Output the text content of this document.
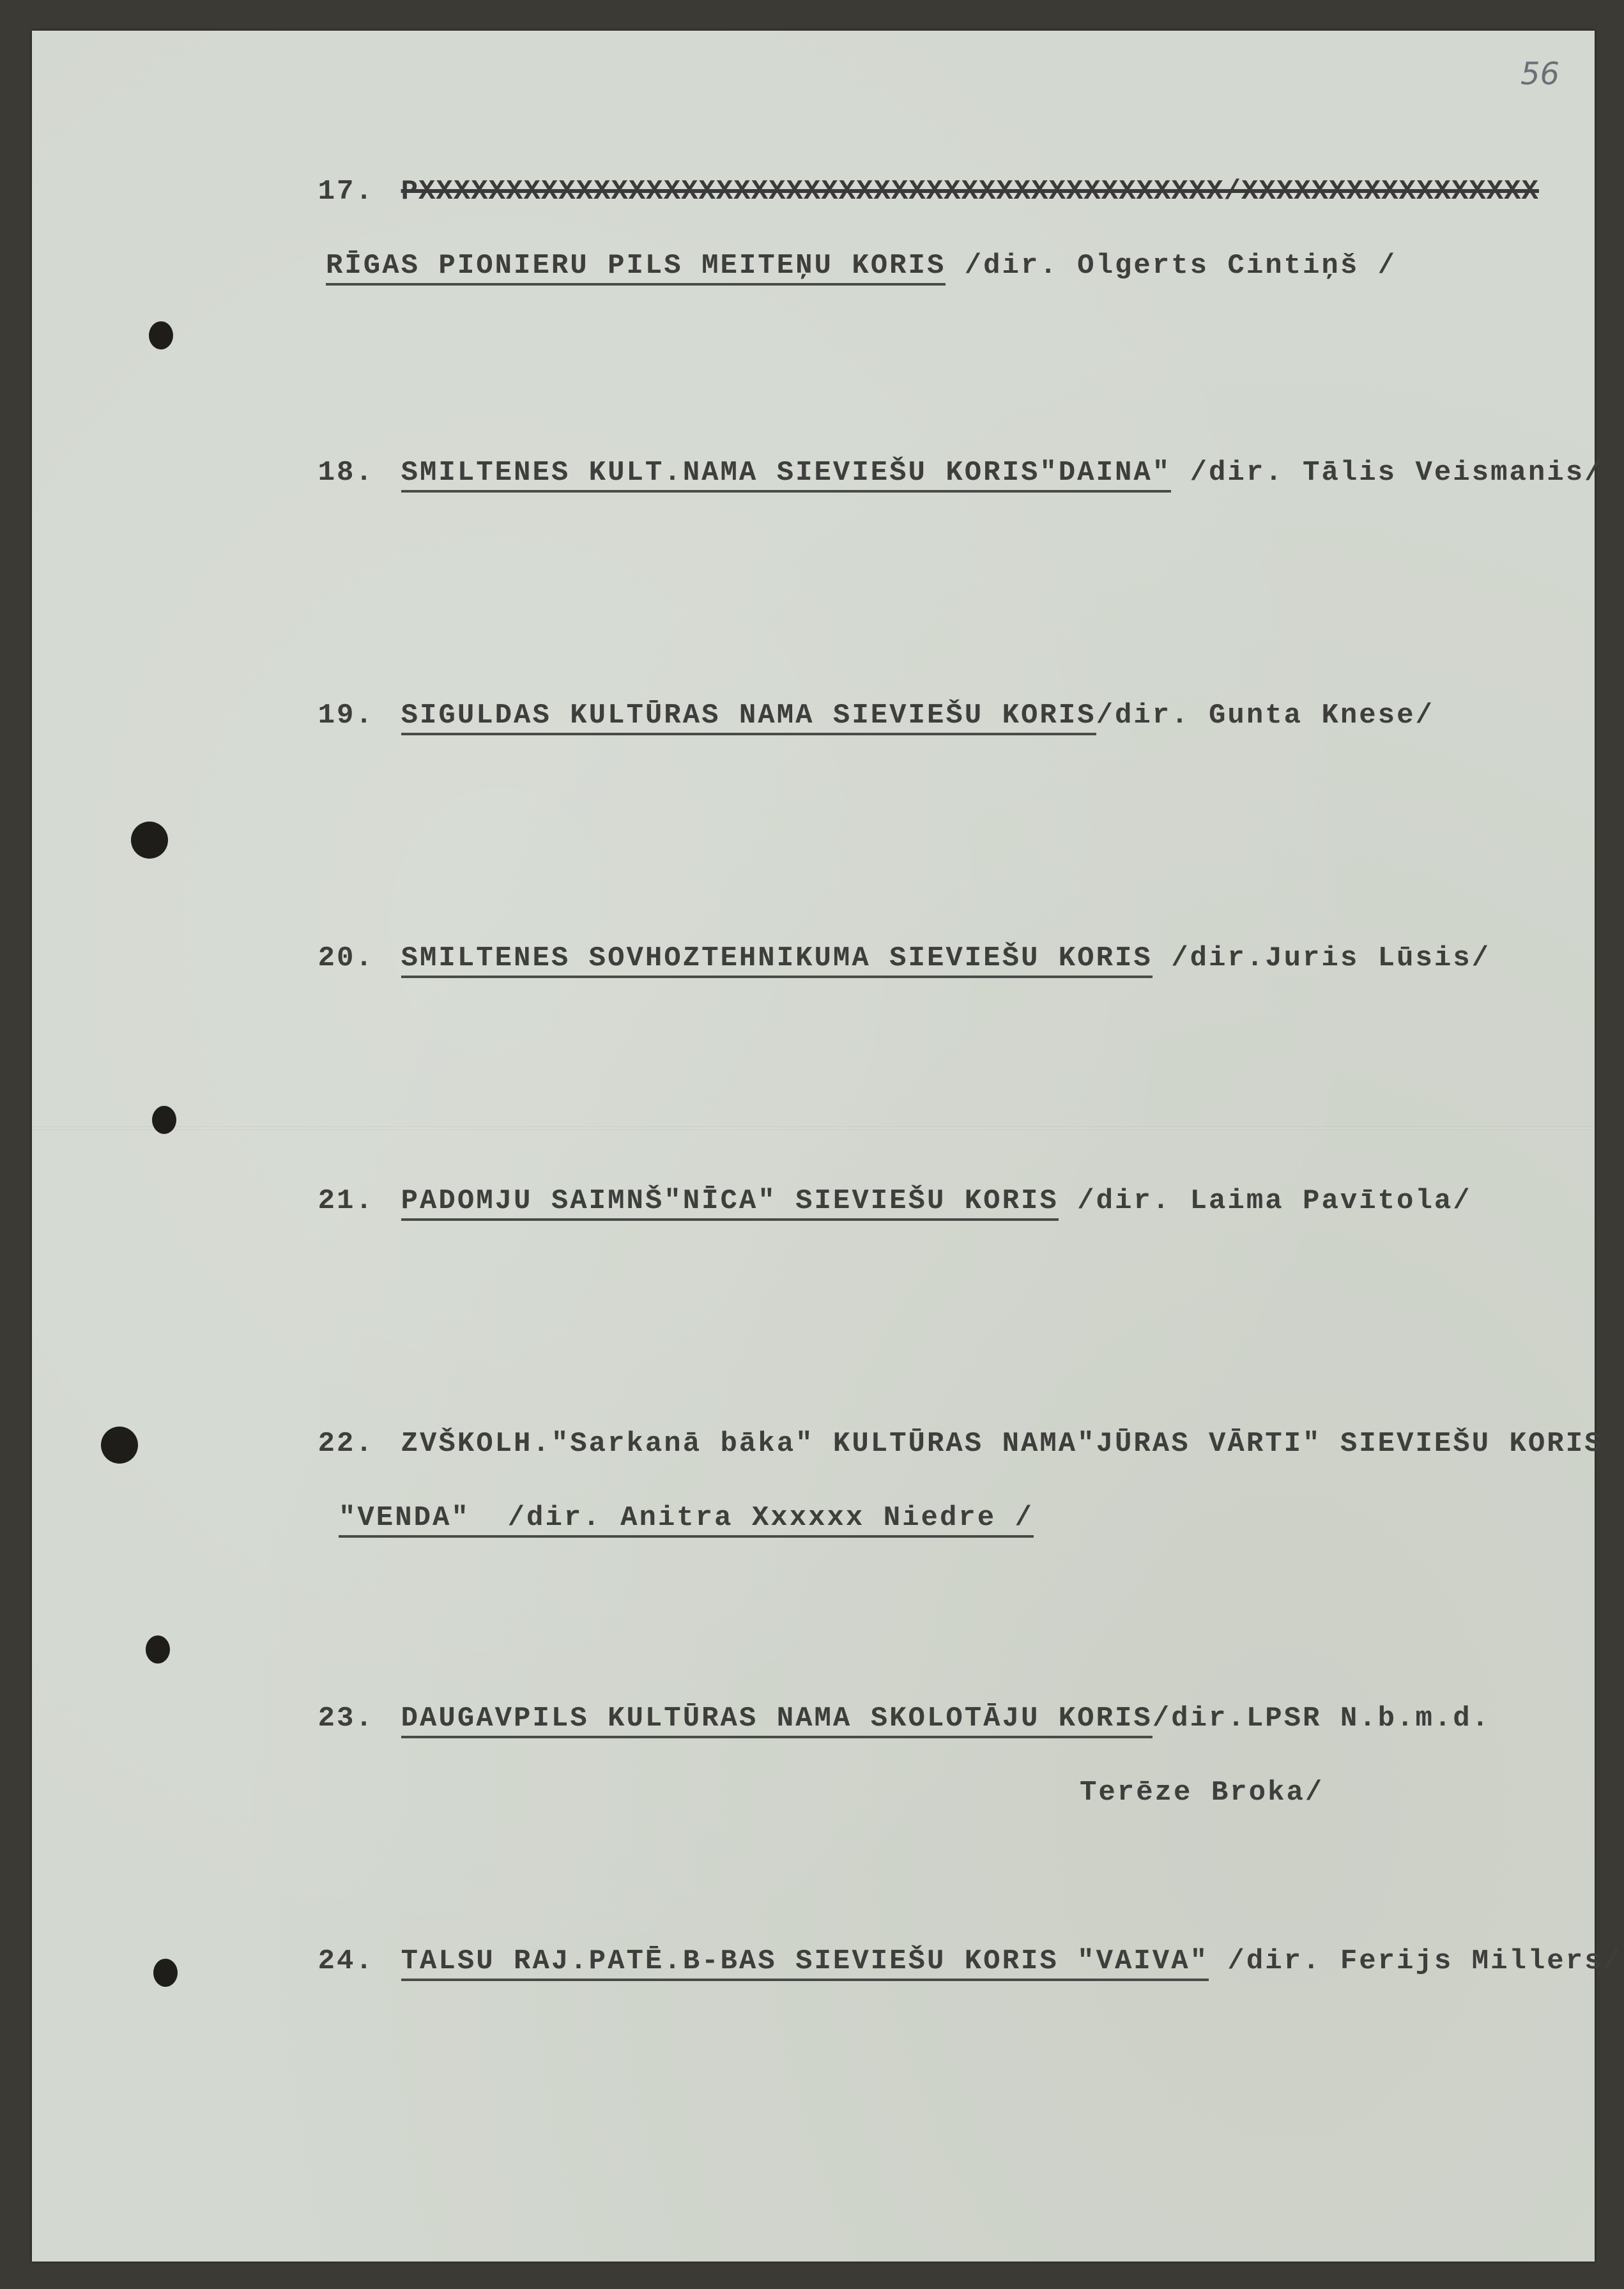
56

17. PXXXXXXXXXXXXXXXXXXXXXXXXXXXXXXXXXXXXXXXXXXXXXX/XXXXXXXXXXXXXXXXX

RĪGAS PIONIERU PILS MEITEŅU KORIS /dir. Olgerts Cintiņš /

18. SMILTENES KULT.NAMA SIEVIEŠU KORIS"DAINA" /dir. Tālis Veismanis/

19. SIGULDAS KULTŪRAS NAMA SIEVIEŠU KORIS/dir. Gunta Knese/

20. SMILTENES SOVHOZTEHNIKUMA SIEVIEŠU KORIS /dir.Juris Lūsis/

21. PADOMJU SAIMNŠ"NĪCA" SIEVIEŠU KORIS /dir. Laima Pavītola/

22. ZVŠKOLH."Sarkanā bāka" KULTŪRAS NAMA"JŪRAS VĀRTI" SIEVIEŠU KORIS

"VENDA"  /dir. Anitra Xxxxxx Niedre /

23. DAUGAVPILS KULTŪRAS NAMA SKOLOTĀJU KORIS/dir.LPSR N.b.m.d.

Terēze Broka/

24. TALSU RAJ.PATĒ.B-BAS SIEVIEŠU KORIS "VAIVA" /dir. Ferijs Millers/
